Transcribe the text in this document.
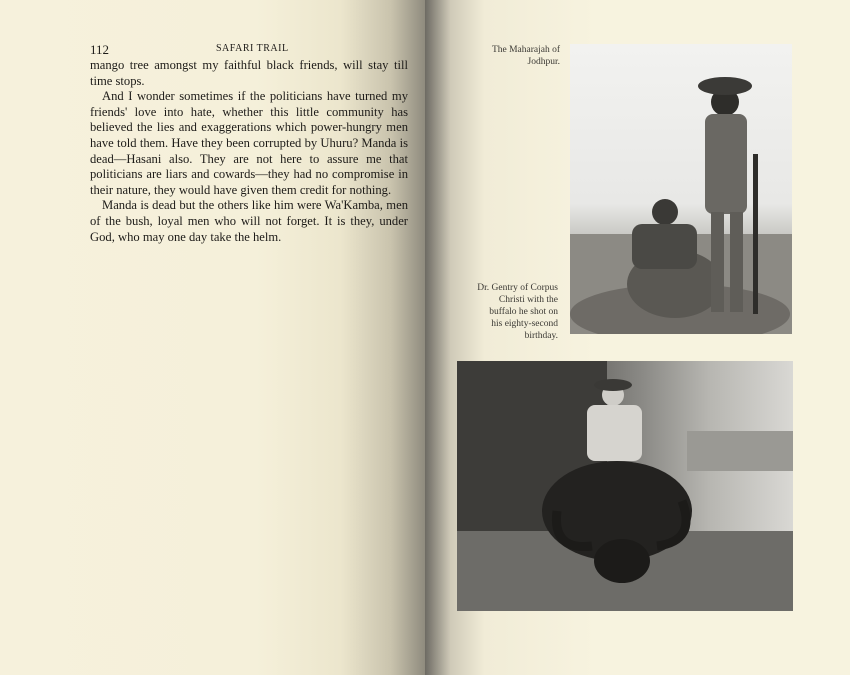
112	SAFARI TRAIL

mango tree amongst my faithful black friends, will stay till time stops.

And I wonder sometimes if the politicians have turned my friends' love into hate, whether this little community has believed the lies and exaggerations which power-hungry men have told them. Have they been corrupted by Uhuru? Manda is dead—Hasani also. They are not here to assure me that politicians are liars and cowards—they had no compromise in their nature, they would have given them credit for nothing.

Manda is dead but the others like him were Wa'Kamba, men of the bush, loyal men who will not forget. It is they, under God, who may one day take the helm.

The Maharajah of
Jodhpur.
Dr. Gentry of Corpus
Christi with the
buffalo he shot on
his eighty-second
birthday.
